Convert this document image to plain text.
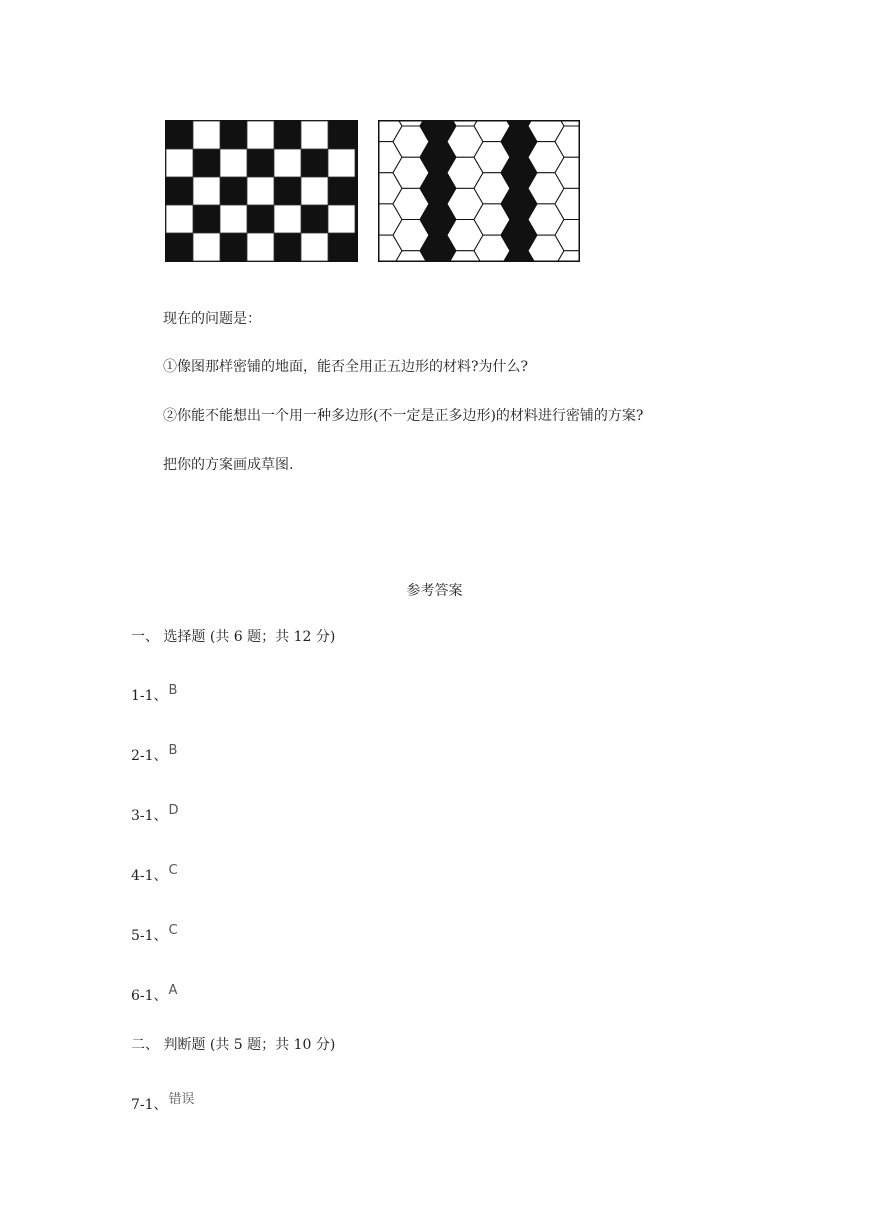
现在的问题是：
①像图那样密铺的地面，能否全用正五边形的材料?为什么?
②你能不能想出一个用一种多边形(不一定是正多边形)的材料进行密铺的方案?
把你的方案画成草图.
参考答案
一、 选择题 (共 6 题；共 12 分)
1-1、B
2-1、B
3-1、D
4-1、C
5-1、C
6-1、A
二、 判断题 (共 5 题；共 10 分)
7-1、错误
